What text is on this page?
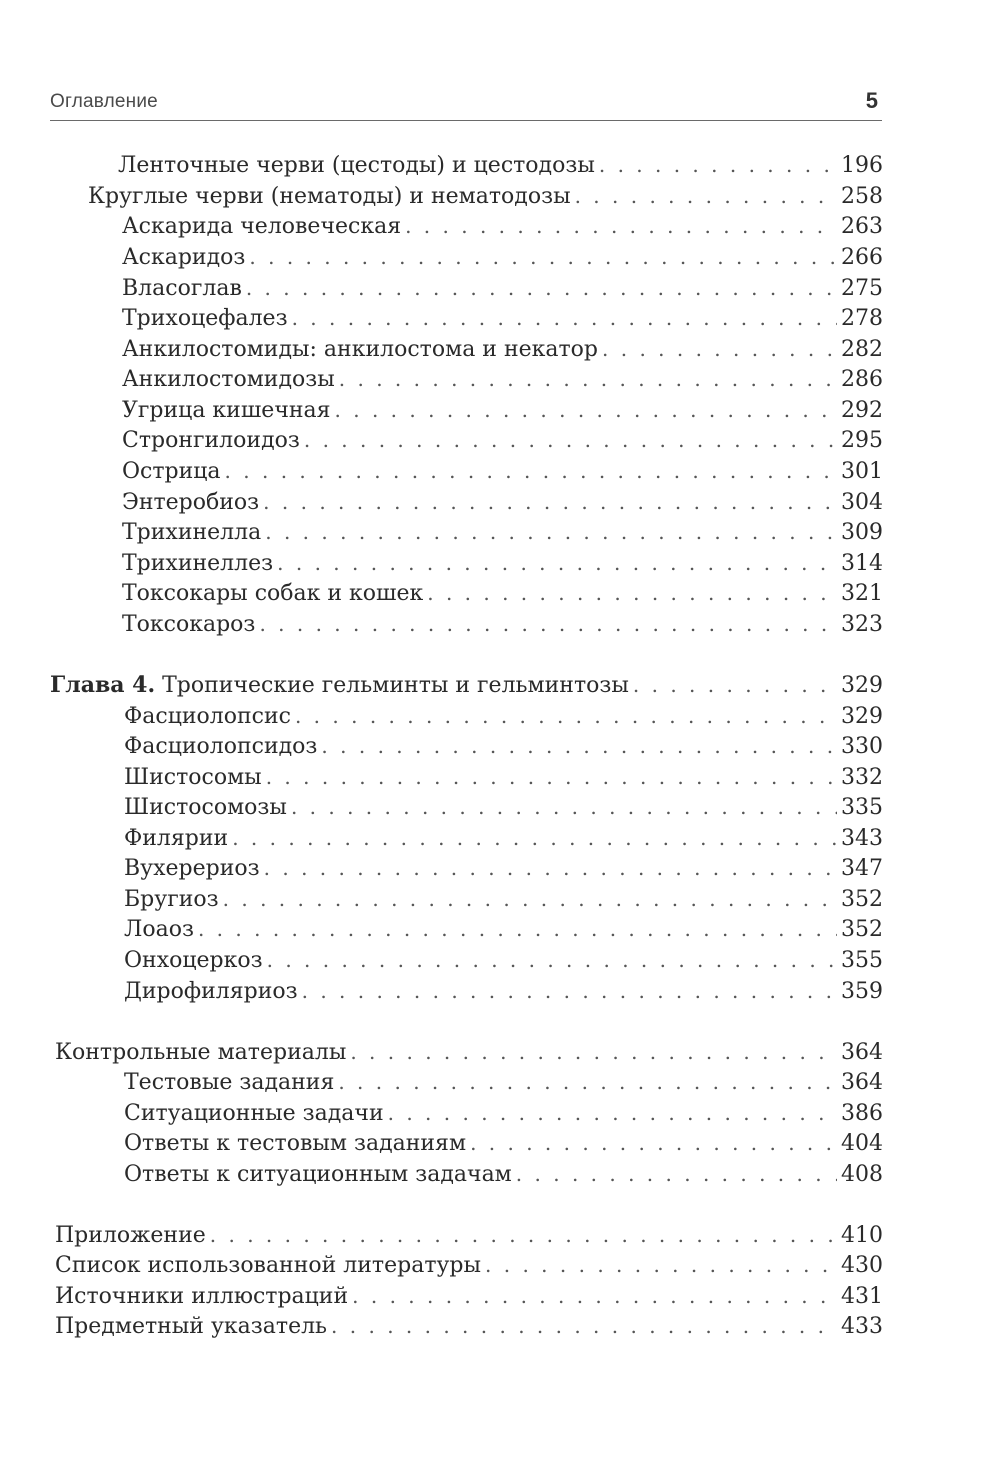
Оглавление	5
Ленточные черви (цестоды) и цестодозы . . .	196
Круглые черви (нематоды) и нематодозы . . .	258
Аскарида человеческая . . .	263
Аскаридоз . . .	266
Власоглав . . .	275
Трихоцефалез . . .	278
Анкилостомиды: анкилостома и некатор . . .	282
Анкилостомидозы . . .	286
Угрица кишечная . . .	292
Стронгилоидоз . . .	295
Острица . . .	301
Энтеробиоз . . .	304
Трихинелла . . .	309
Трихинеллез . . .	314
Токсокары собак и кошек . . .	321
Токсокароз . . .	323
Глава 4. Тропические гельминты и гельминтозы . . .	329
Фасциолопсис . . .	329
Фасциолопсидоз . . .	330
Шистосомы . . .	332
Шистосомозы . . .	335
Филярии . . .	343
Вухерериоз . . .	347
Бругиоз . . .	352
Лоаоз . . .	352
Онхоцеркоз . . .	355
Дирофиляриоз . . .	359
Контрольные материалы . . .	364
Тестовые задания . . .	364
Ситуационные задачи . . .	386
Ответы к тестовым заданиям . . .	404
Ответы к ситуационным задачам . . .	408
Приложение . . .	410
Список использованной литературы . . .	430
Источники иллюстраций . . .	431
Предметный указатель . . .	433
